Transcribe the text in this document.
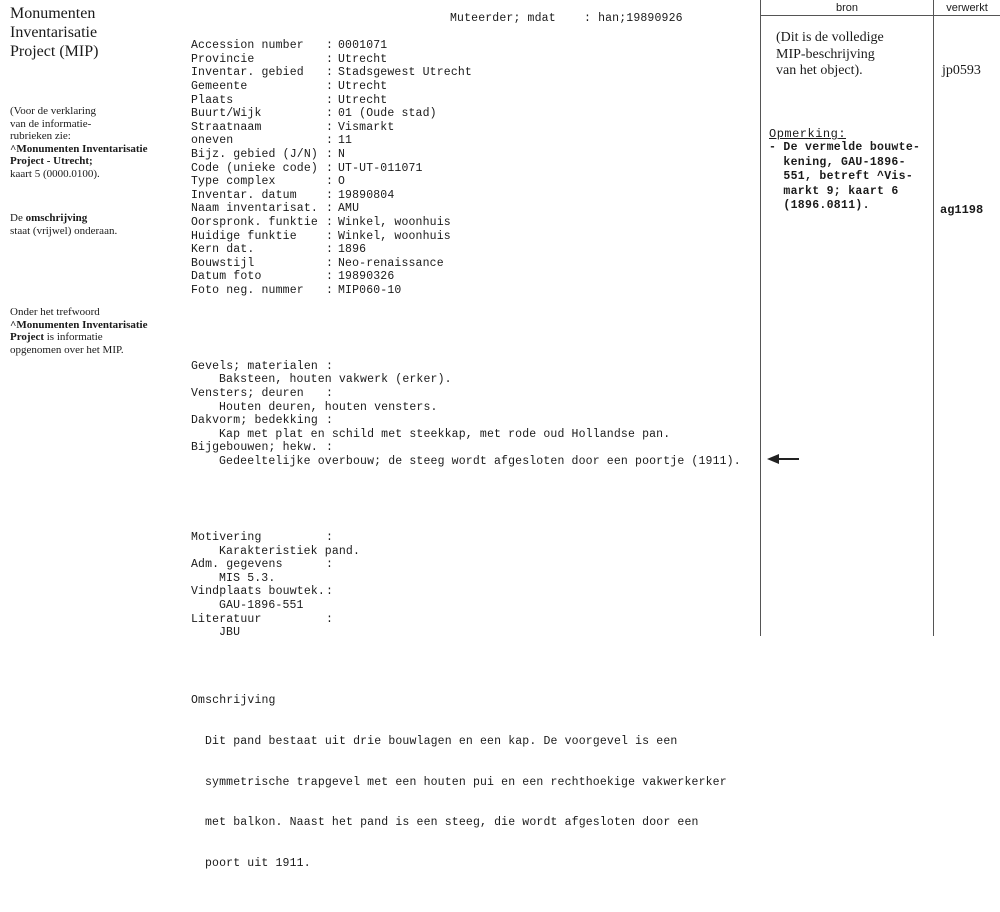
Monumenten
Inventarisatie
Project (MIP)
(Voor de verklaring
van de informatie-
rubrieken zie:
^Monumenten Inventarisatie
Project - Utrecht;
kaart 5 (0000.0100).
De omschrijving
staat (vrijwel) onderaan.
Onder het trefwoord
^Monumenten Inventarisatie
Project is informatie
opgenomen over het MIP.
Muteerder; mdat    : han;19890926

Accession number : 0001071
Provincie	: Utrecht
Inventar. gebied : Stadsgewest Utrecht
Gemeente	: Utrecht
Plaats	: Utrecht
Buurt/Wijk	: 01 (Oude stad)
Straatnaam	: Vismarkt
oneven	: 11
Bijz. gebied (J/N) : N
Code (unieke code) : UT-UT-011071
Type complex	: O
Inventar. datum	: 19890804
Naam inventarisat. : AMU
Oorspronk. funktie : Winkel, woonhuis
Huidige funktie	: Winkel, woonhuis
Kern dat.	: 1896
Bouwstijl	: Neo-renaissance
Datum foto	: 19890326
Foto neg. nummer : MIP060-10

Gevels; materialen :
Baksteen, houten vakwerk (erker).
Vensters; deuren :
Houten deuren, houten vensters.
Dakvorm; bedekking :
Kap met plat en schild met steekkap, met rode oud Hollandse pan.
Bijgebouwen; hekw. :
Gedeeltelijke overbouw; de steeg wordt afgesloten door een poortje (1911).

Motivering	:
Karakteristiek pand.
Adm. gegevens	:
MIS 5.3.
Vindplaats bouwtek.:
GAU-1896-551
Literatuur	:
JBU

Omschrijving

Dit pand bestaat uit drie bouwlagen en een kap. De voorgevel is een

symmetrische trapgevel met een houten pui en een rechthoekige vakwerkerker

met balkon. Naast het pand is een steeg, die wordt afgesloten door een

poort uit 1911.

bron	verwerkt
(Dit is de volledige
MIP-beschrijving
van het object).	jp0593
Opmerking:
- De vermelde bouwte-
kening, GAU-1896-
551, betreft ^Vis-
markt 9; kaart 6
(1896.0811).	ag1198
